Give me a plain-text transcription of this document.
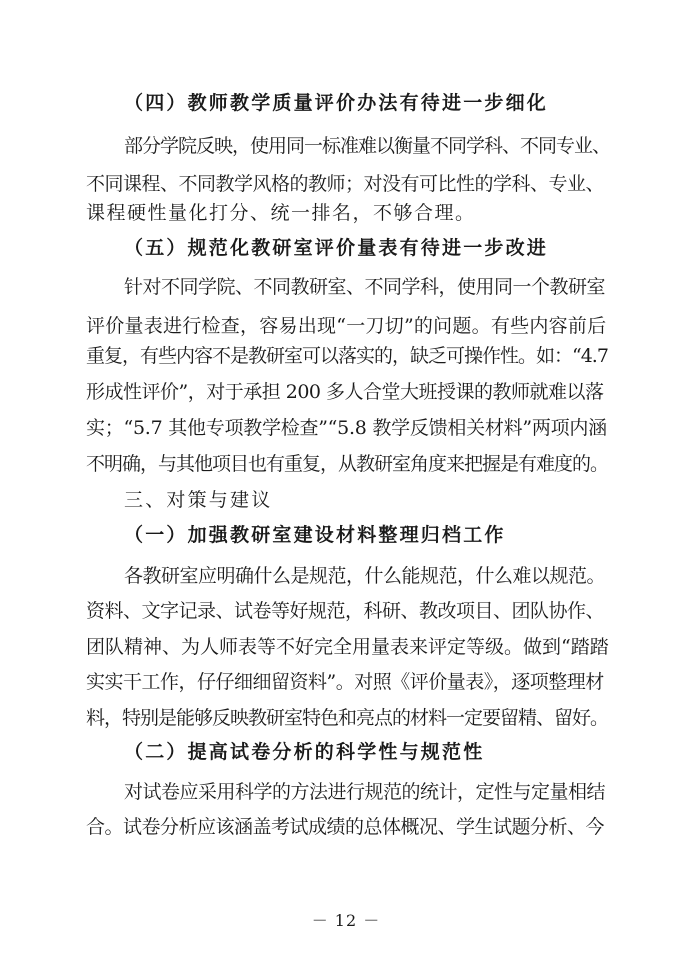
（四）教师教学质量评价办法有待进一步细化
部分学院反映，使用同一标准难以衡量不同学科、不同专业、
不同课程、不同教学风格的教师；对没有可比性的学科、专业、
课程硬性量化打分、统一排名，不够合理。
（五）规范化教研室评价量表有待进一步改进
针对不同学院、不同教研室、不同学科，使用同一个教研室
评价量表进行检查，容易出现“一刀切”的问题。有些内容前后
重复，有些内容不是教研室可以落实的，缺乏可操作性。如：“4.7
形成性评价”，对于承担 200 多人合堂大班授课的教师就难以落
实；“5.7 其他专项教学检查”“5.8 教学反馈相关材料”两项内涵
不明确，与其他项目也有重复，从教研室角度来把握是有难度的。
三、对策与建议
（一）加强教研室建设材料整理归档工作
各教研室应明确什么是规范，什么能规范，什么难以规范。
资料、文字记录、试卷等好规范，科研、教改项目、团队协作、
团队精神、为人师表等不好完全用量表来评定等级。做到“踏踏
实实干工作，仔仔细细留资料”。对照《评价量表》，逐项整理材
料，特别是能够反映教研室特色和亮点的材料一定要留精、留好。
（二）提高试卷分析的科学性与规范性
对试卷应采用科学的方法进行规范的统计，定性与定量相结
合。试卷分析应该涵盖考试成绩的总体概况、学生试题分析、今
－ 12 －
